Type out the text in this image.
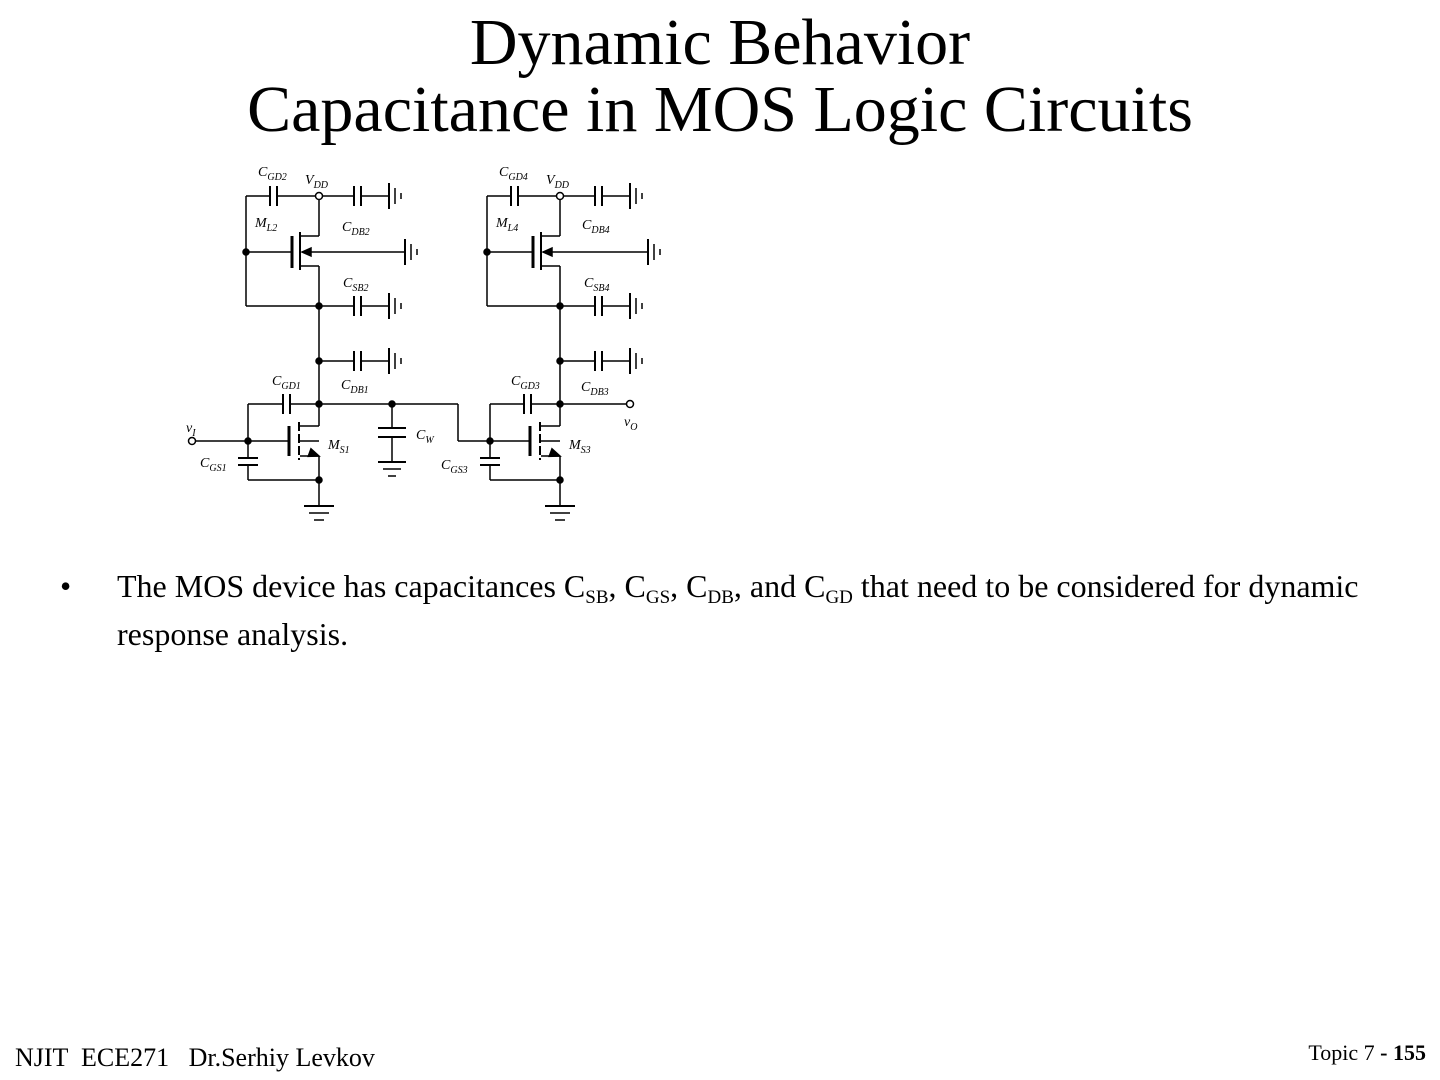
Dynamic Behavior
Capacitance in MOS Logic Circuits
$C_{GD2}$ $V_{DD}$
$M_{L2}$	$C_{DB2}$
$C_{SB2}$
$C_{GD1}$	$C_{DB1}$
$v_I$
$M_{S1}$
$C_W$
$C_{GS1}$
$C_{GD4}$ $V_{DD}$
$M_{L4}$	$C_{DB4}$
$C_{SB4}$
$C_{GD3}$	$C_{DB3}$
$v_O$
$M_{S3}$
$C_{GS3}$
• The MOS device has capacitances $C_{SB}$, $C_{GS}$, $C_{DB}$, and $C_{GD}$ that need to be considered for dynamic response analysis.
NJIT  ECE271   Dr.Serhiy Levkov	Topic 7 - 155
